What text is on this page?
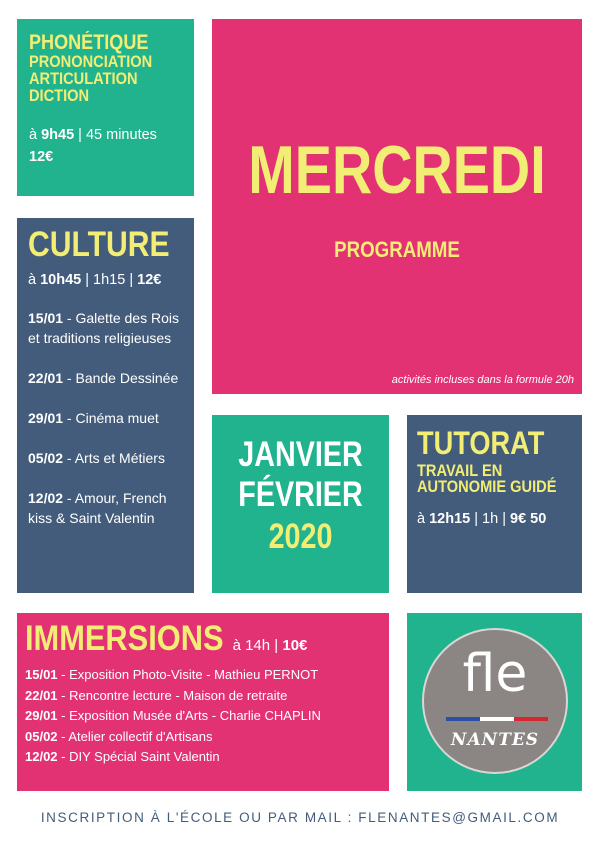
PHONÉTIQUE
PRONONCIATION
ARTICULATION
DICTION
à 9h45 | 45 minutes
12€	MERCREDI
PROGRAMME
activités incluses dans la formule 20h
CULTURE
à 10h45 | 1h15 | 12€
15/01 - Galette des Rois et traditions religieuses
22/01 - Bande Dessinée
29/01 - Cinéma muet
05/02 - Arts et Métiers
12/02 - Amour, French kiss & Saint Valentin
JANVIER
FÉVRIER
2020
TUTORAT
TRAVAIL EN AUTONOMIE GUIDÉ
à 12h15 | 1h | 9€ 50
IMMERSIONS à 14h | 10€
15/01 - Exposition Photo-Visite - Mathieu PERNOT
22/01 - Rencontre lecture - Maison de retraite
29/01 - Exposition Musée d'Arts - Charlie CHAPLIN
05/02 - Atelier collectif d'Artisans
12/02 - DIY Spécial Saint Valentin
fle
NANTES
INSCRIPTION À L'ÉCOLE OU PAR MAIL : FLENANTES@GMAIL.COM
